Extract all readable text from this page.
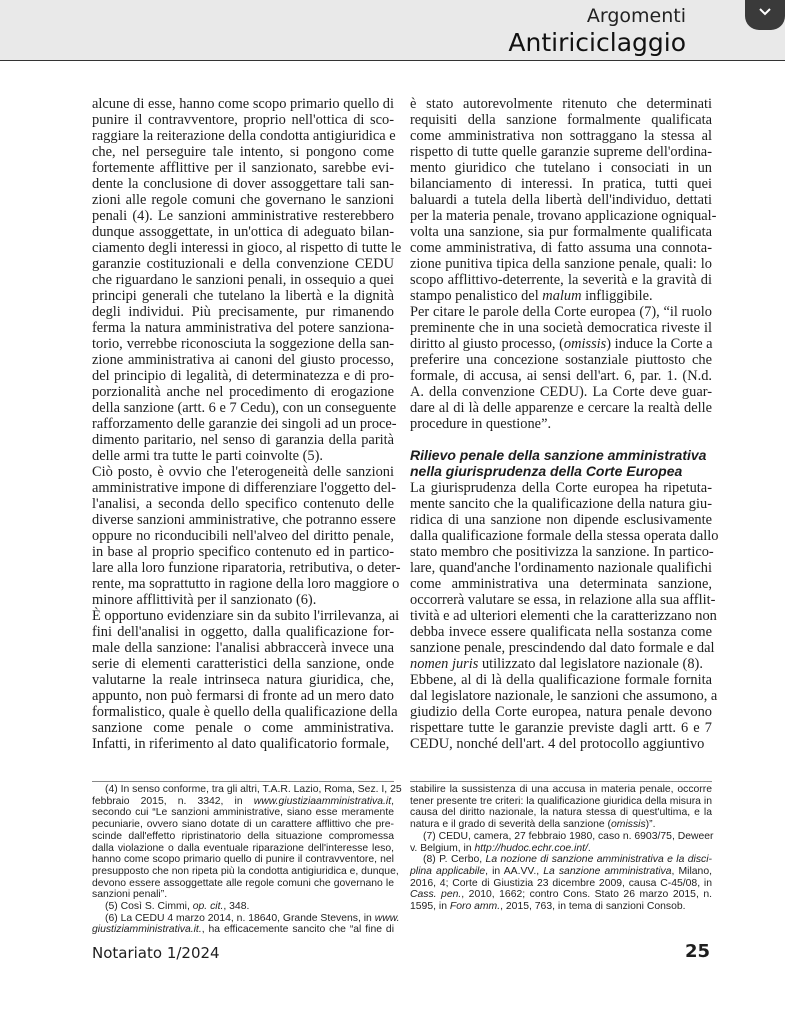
Argomenti
Antiriciclaggio
alcune di esse, hanno come scopo primario quello di
punire il contravventore, proprio nell'ottica di sco-
raggiare la reiterazione della condotta antigiuridica e
che, nel perseguire tale intento, si pongono come
fortemente afflittive per il sanzionato, sarebbe evi-
dente la conclusione di dover assoggettare tali san-
zioni alle regole comuni che governano le sanzioni
penali (4). Le sanzioni amministrative resterebbero
dunque assoggettate, in un'ottica di adeguato bilan-
ciamento degli interessi in gioco, al rispetto di tutte le
garanzie costituzionali e della convenzione CEDU
che riguardano le sanzioni penali, in ossequio a quei
principi generali che tutelano la libertà e la dignità
degli individui. Più precisamente, pur rimanendo
ferma la natura amministrativa del potere sanziona-
torio, verrebbe riconosciuta la soggezione della san-
zione amministrativa ai canoni del giusto processo,
del principio di legalità, di determinatezza e di pro-
porzionalità anche nel procedimento di erogazione
della sanzione (artt. 6 e 7 Cedu), con un conseguente
rafforzamento delle garanzie dei singoli ad un proce-
dimento paritario, nel senso di garanzia della parità
delle armi tra tutte le parti coinvolte (5).
Ciò posto, è ovvio che l'eterogeneità delle sanzioni
amministrative impone di differenziare l'oggetto del-
l'analisi, a seconda dello specifico contenuto delle
diverse sanzioni amministrative, che potranno essere
oppure no riconducibili nell'alveo del diritto penale,
in base al proprio specifico contenuto ed in partico-
lare alla loro funzione riparatoria, retributiva, o deter-
rente, ma soprattutto in ragione della loro maggiore o
minore afflittività per il sanzionato (6).
È opportuno evidenziare sin da subito l'irrilevanza, ai
fini dell'analisi in oggetto, dalla qualificazione for-
male della sanzione: l'analisi abbraccerà invece una
serie di elementi caratteristici della sanzione, onde
valutarne la reale intrinseca natura giuridica, che,
appunto, non può fermarsi di fronte ad un mero dato
formalistico, quale è quello della qualificazione della
sanzione come penale o come amministrativa.
Infatti, in riferimento al dato qualificatorio formale,
è stato autorevolmente ritenuto che determinati
requisiti della sanzione formalmente qualificata
come amministrativa non sottraggano la stessa al
rispetto di tutte quelle garanzie supreme dell'ordina-
mento giuridico che tutelano i consociati in un
bilanciamento di interessi. In pratica, tutti quei
baluardi a tutela della libertà dell'individuo, dettati
per la materia penale, trovano applicazione ogniqual-
volta una sanzione, sia pur formalmente qualificata
come amministrativa, di fatto assuma una connota-
zione punitiva tipica della sanzione penale, quali: lo
scopo afflittivo-deterrente, la severità e la gravità di
stampo penalistico del malum infliggibile.
Per citare le parole della Corte europea (7), “il ruolo
preminente che in una società democratica riveste il
diritto al giusto processo, (omissis) induce la Corte a
preferire una concezione sostanziale piuttosto che
formale, di accusa, ai sensi dell'art. 6, par. 1. (N.d.
A. della convenzione CEDU). La Corte deve guar-
dare al di là delle apparenze e cercare la realtà delle
procedure in questione”.
Rilievo penale della sanzione amministrativa
nella giurisprudenza della Corte Europea
La giurisprudenza della Corte europea ha ripetuta-
mente sancito che la qualificazione della natura giu-
ridica di una sanzione non dipende esclusivamente
dalla qualificazione formale della stessa operata dallo
stato membro che positivizza la sanzione. In partico-
lare, quand'anche l'ordinamento nazionale qualifichi
come amministrativa una determinata sanzione,
occorrerà valutare se essa, in relazione alla sua afflit-
tività e ad ulteriori elementi che la caratterizzano non
debba invece essere qualificata nella sostanza come
sanzione penale, prescindendo dal dato formale e dal
nomen juris utilizzato dal legislatore nazionale (8).
Ebbene, al di là della qualificazione formale fornita
dal legislatore nazionale, le sanzioni che assumono, a
giudizio della Corte europea, natura penale devono
rispettare tutte le garanzie previste dagli artt. 6 e 7
CEDU, nonché dell'art. 4 del protocollo aggiuntivo
(4) In senso conforme, tra gli altri, T.A.R. Lazio, Roma, Sez. I, 25
febbraio 2015, n. 3342, in www.giustiziaamministrativa.it,
secondo cui “Le sanzioni amministrative, siano esse meramente
pecuniarie, ovvero siano dotate di un carattere afflittivo che pre-
scinde dall'effetto ripristinatorio della situazione compromessa
dalla violazione o dalla eventuale riparazione dell'interesse leso,
hanno come scopo primario quello di punire il contravventore, nel
presupposto che non ripeta più la condotta antigiuridica e, dunque,
devono essere assoggettate alle regole comuni che governano le
sanzioni penali”.
(5) Così S. Cimmi, op. cit., 348.
(6) La CEDU 4 marzo 2014, n. 18640, Grande Stevens, in www.
giustiziamministrativa.it., ha efficacemente sancito che “al fine di
stabilire la sussistenza di una accusa in materia penale, occorre
tener presente tre criteri: la qualificazione giuridica della misura in
causa del diritto nazionale, la natura stessa di quest'ultima, e la
natura e il grado di severità della sanzione (omissis)”.
(7) CEDU, camera, 27 febbraio 1980, caso n. 6903/75, Deweer
v. Belgium, in http://hudoc.echr.coe.int/.
(8) P. Cerbo, La nozione di sanzione amministrativa e la disci-
plina applicabile, in AA.VV., La sanzione amministrativa, Milano,
2016, 4; Corte di Giustizia 23 dicembre 2009, causa C-45/08, in
Cass. pen., 2010, 1662; contro Cons. Stato 26 marzo 2015, n.
1595, in Foro amm., 2015, 763, in tema di sanzioni Consob.
Notariato 1/2024	25
